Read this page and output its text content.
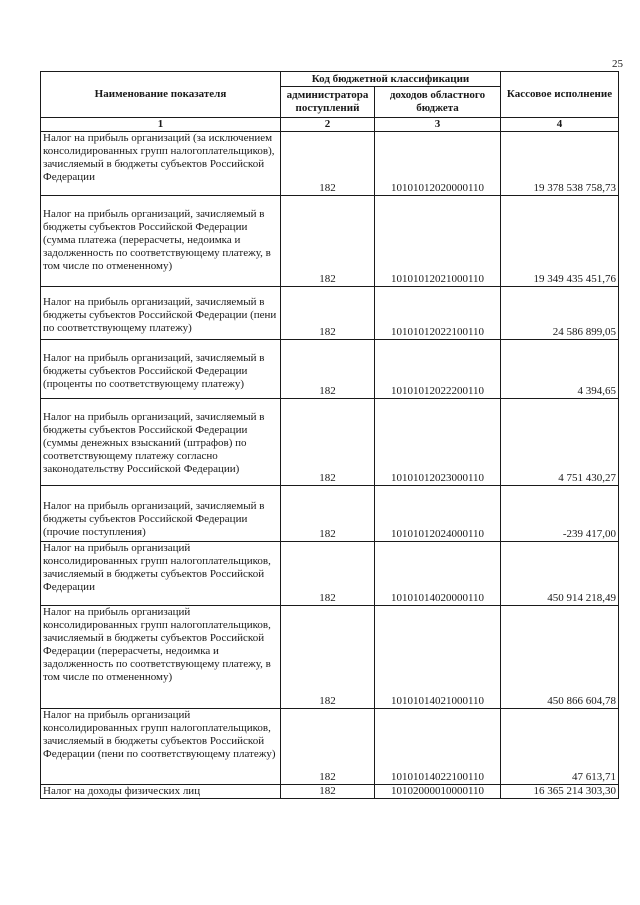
25
Наименование показателя	Код бюджетной классификации		Кассовое исполнение
	администратора поступлений	доходов областного бюджета	
1	2	3	4
Налог на прибыль организаций (за исключением консолидированных групп налогоплательщиков), зачисляемый в бюджеты субъектов Российской Федерации	182	10101012020000110	19 378 538 758,73
Налог на прибыль организаций, зачисляемый в бюджеты субъектов Российской Федерации (сумма платежа (перерасчеты, недоимка и задолженность по соответствующему платежу, в том числе по отмененному)	182	10101012021000110	19 349 435 451,76
Налог на прибыль организаций, зачисляемый в бюджеты субъектов Российской Федерации (пени по соответствующему платежу)	182	10101012022100110	24 586 899,05
Налог на прибыль организаций, зачисляемый в бюджеты субъектов Российской Федерации (проценты по соответствующему платежу)	182	10101012022200110	4 394,65
Налог на прибыль организаций, зачисляемый в бюджеты субъектов Российской Федерации (суммы денежных взысканий (штрафов) по соответствующему платежу согласно законодательству Российской Федерации)	182	10101012023000110	4 751 430,27
Налог на прибыль организаций, зачисляемый в бюджеты субъектов Российской Федерации (прочие поступления)	182	10101012024000110	-239 417,00
Налог на прибыль организаций консолидированных групп налогоплательщиков, зачисляемый в бюджеты субъектов Российской Федерации	182	10101014020000110	450 914 218,49
Налог на прибыль организаций консолидированных групп налогоплательщиков, зачисляемый в бюджеты субъектов Российской Федерации (перерасчеты, недоимка и задолженность по соответствующему платежу, в том числе по отмененному)	182	10101014021000110	450 866 604,78
Налог на прибыль организаций консолидированных групп налогоплательщиков, зачисляемый в бюджеты субъектов Российской Федерации (пени по соответствующему платежу)	182	10101014022100110	47 613,71
Налог на доходы физических лиц	182	10102000010000110	16 365 214 303,30
